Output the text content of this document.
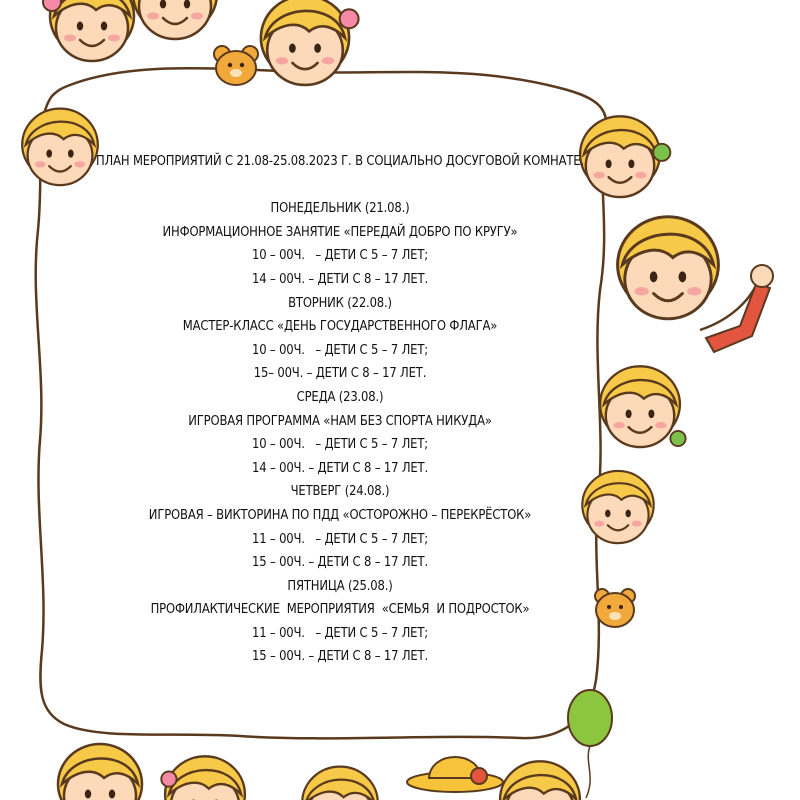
ПЛАН МЕРОПРИЯТИЙ С 21.08-25.08.2023 Г. В СОЦИАЛЬНО ДОСУГОВОЙ КОМНАТЕ.
ПОНЕДЕЛЬНИК (21.08.)
ИНФОРМАЦИОННОЕ ЗАНЯТИЕ «ПЕРЕДАЙ ДОБРО ПО КРУГУ»
10 – 00Ч.   – ДЕТИ С 5 – 7 ЛЕТ;
14 – 00Ч. – ДЕТИ С 8 – 17 ЛЕТ.
ВТОРНИК (22.08.)
МАСТЕР-КЛАСС «ДЕНЬ ГОСУДАРСТВЕННОГО ФЛАГА»
10 – 00Ч.   – ДЕТИ С 5 – 7 ЛЕТ;
15– 00Ч. – ДЕТИ С 8 – 17 ЛЕТ.
СРЕДА (23.08.)
ИГРОВАЯ ПРОГРАММА «НАМ БЕЗ СПОРТА НИКУДА»
10 – 00Ч.   – ДЕТИ С 5 – 7 ЛЕТ;
14 – 00Ч. – ДЕТИ С 8 – 17 ЛЕТ.
ЧЕТВЕРГ (24.08.)
ИГРОВАЯ – ВИКТОРИНА ПО ПДД «ОСТОРОЖНО – ПЕРЕКРЁСТОК»
11 – 00Ч.   – ДЕТИ С 5 – 7 ЛЕТ;
15 – 00Ч. – ДЕТИ С 8 – 17 ЛЕТ.
ПЯТНИЦА (25.08.)
ПРОФИЛАКТИЧЕСКИЕ  МЕРОПРИЯТИЯ  «СЕМЬЯ  И ПОДРОСТОК»
11 – 00Ч.   – ДЕТИ С 5 – 7 ЛЕТ;
15 – 00Ч. – ДЕТИ С 8 – 17 ЛЕТ.
